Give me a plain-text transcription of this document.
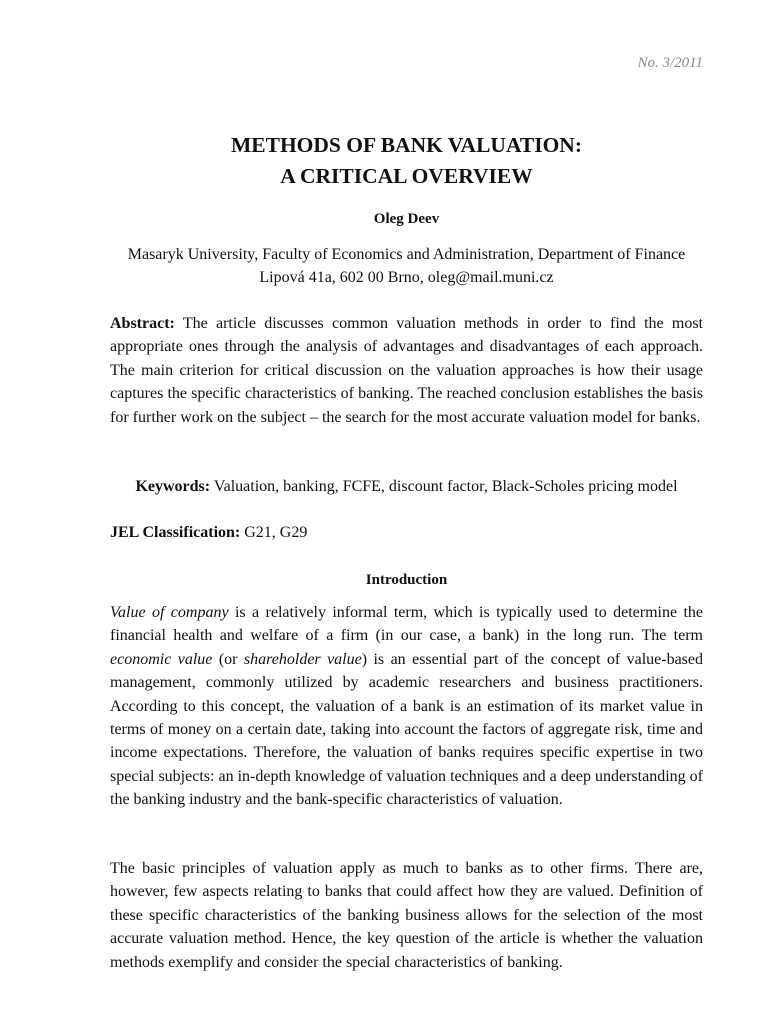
No. 3/2011
METHODS OF BANK VALUATION:
A CRITICAL OVERVIEW
Oleg Deev
Masaryk University, Faculty of Economics and Administration, Department of Finance
Lipová 41a, 602 00 Brno, oleg@mail.muni.cz

Abstract: The article discusses common valuation methods in order to find the most appropriate ones through the analysis of advantages and disadvantages of each approach. The main criterion for critical discussion on the valuation approaches is how their usage captures the specific characteristics of banking. The reached conclusion establishes the basis for further work on the subject – the search for the most accurate valuation model for banks.

Keywords: Valuation, banking, FCFE, discount factor, Black-Scholes pricing model
JEL Classification: G21, G29
Introduction

Value of company is a relatively informal term, which is typically used to determine the financial health and welfare of a firm (in our case, a bank) in the long run. The term economic value (or shareholder value) is an essential part of the concept of value-based management, commonly utilized by academic researchers and business practitioners. According to this concept, the valuation of a bank is an estimation of its market value in terms of money on a certain date, taking into account the factors of aggregate risk, time and income expectations. Therefore, the valuation of banks requires specific expertise in two special subjects: an in-depth knowledge of valuation techniques and a deep understanding of the banking industry and the bank-specific characteristics of valuation.

The basic principles of valuation apply as much to banks as to other firms. There are, however, few aspects relating to banks that could affect how they are valued. Definition of these specific characteristics of the banking business allows for the selection of the most accurate valuation method. Hence, the key question of the article is whether the valuation methods exemplify and consider the special characteristics of banking.
